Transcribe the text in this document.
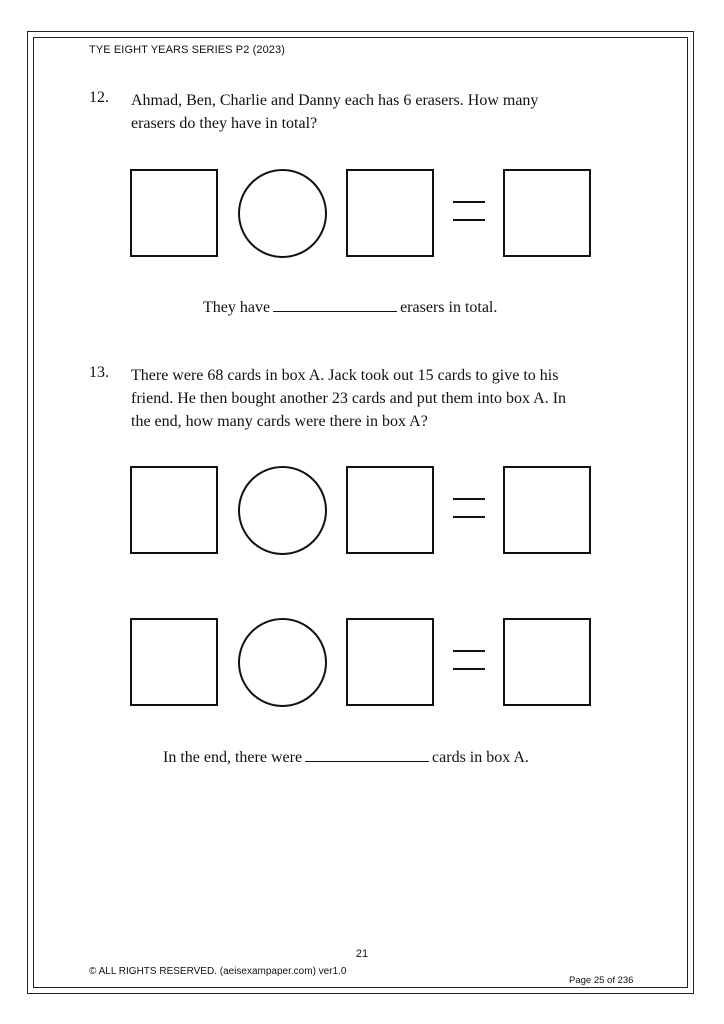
TYE EIGHT YEARS SERIES P2 (2023)
12. Ahmad, Ben, Charlie and Danny each has 6 erasers. How many
erasers do they have in total?
They have	erasers in total.
13. There were 68 cards in box A. Jack took out 15 cards to give to his
friend. He then bought another 23 cards and put them into box A. In
the end, how many cards were there in box A?
In the end, there were	cards in box A.
21
© ALL RIGHTS RESERVED. (aeisexampaper.com) ver1.0
Page 25 of 236
